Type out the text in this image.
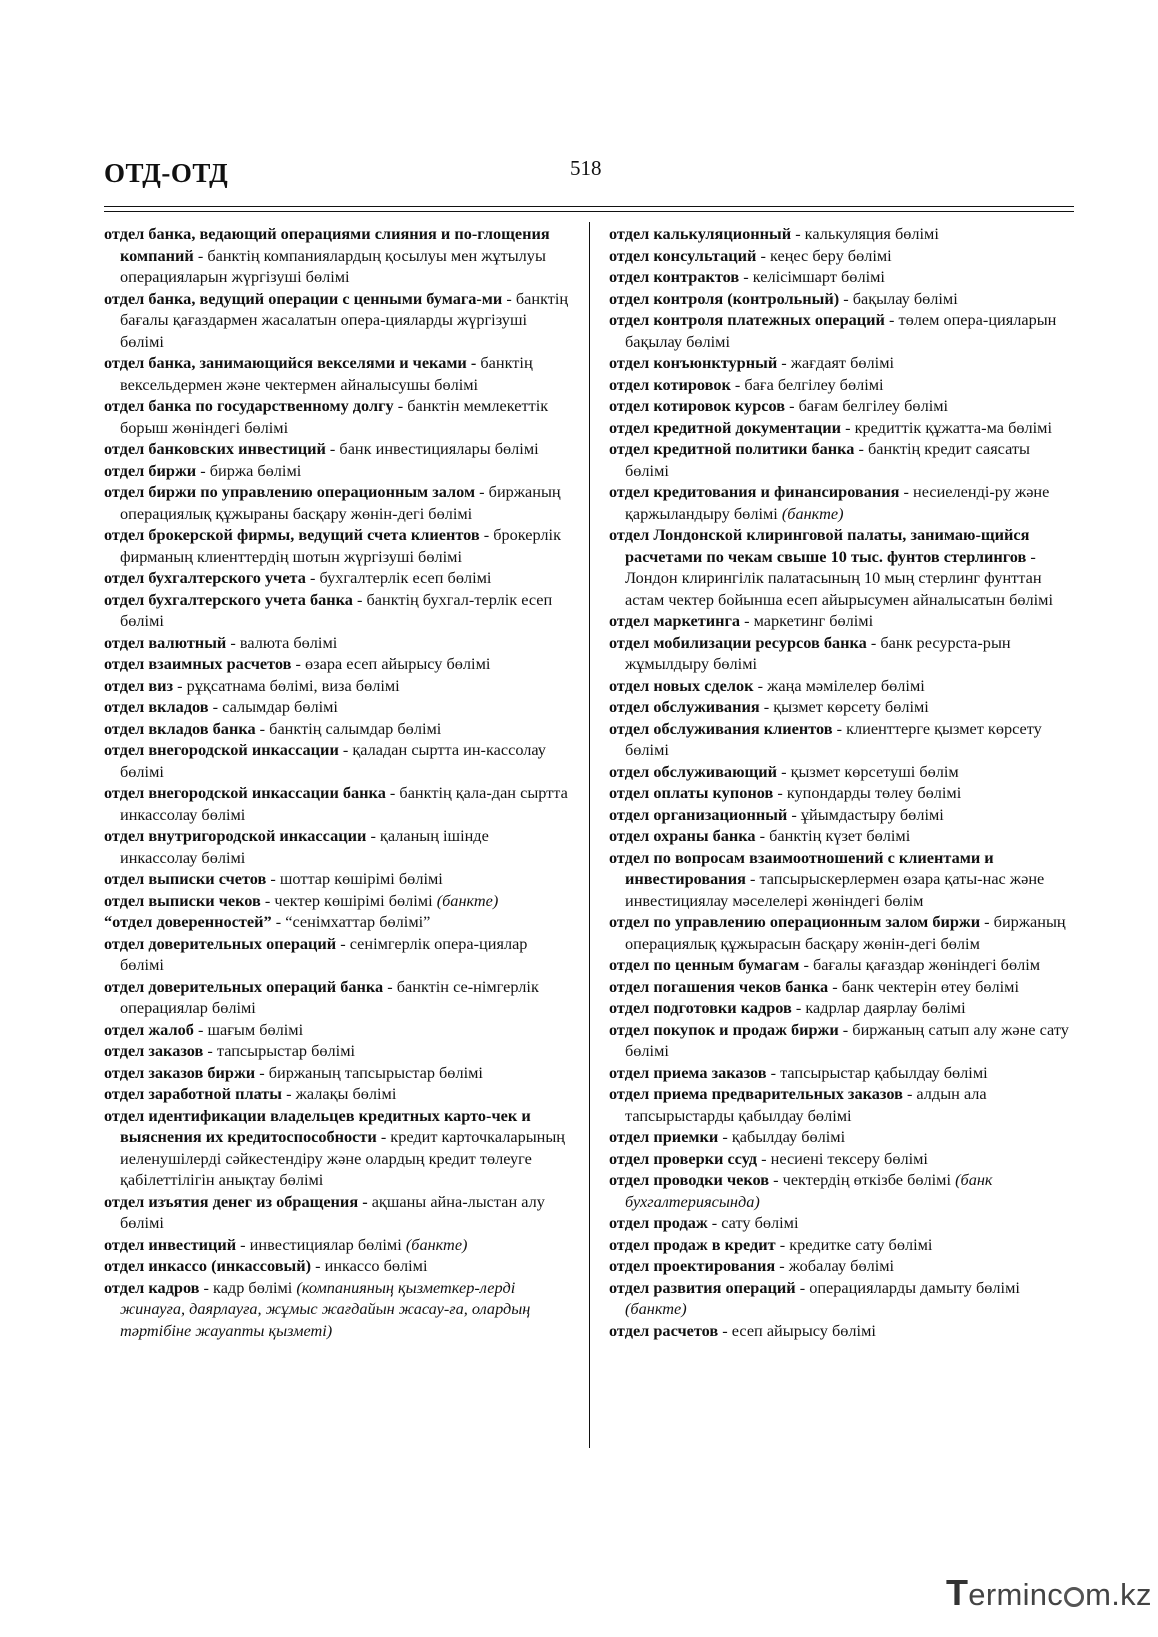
ОТД-ОТД	518

отдел банка, ведающий операциями слияния и по-глощения компаний - банктің компаниялардың қосылуы мен жұтылуы операцияларын жүргізуші бөлімі

отдел банка, ведущий операции с ценными бумага-ми - банктің бағалы қағаздармен жасалатын опера-цияларды жүргізуші бөлімі

отдел банка, занимающийся векселями и чеками - банктің вексельдермен және чектермен айналысушы бөлімі

отдел банка по государственному долгу - банктін мемлекеттік борыш жөніндегі бөлімі

отдел банковских инвестиций - банк инвестициялары бөлімі

отдел биржи - биржа бөлімі

отдел биржи по управлению операционным залом - биржаның операциялық құжыраны басқару жөнін-дегі бөлімі

отдел брокерской фирмы, ведущий счета клиентов - брокерлік фирманың клиенттердің шотын жүргізуші бөлімі

отдел бухгалтерского учета - бухгалтерлік есеп бөлімі

отдел бухгалтерского учета банка - банктің бухгал-терлік есеп бөлімі

отдел валютный - валюта бөлімі

отдел взаимных расчетов - өзара есеп айырысу бөлімі

отдел виз - рұқсатнама бөлімі, виза бөлімі

отдел вкладов - салымдар бөлімі

отдел вкладов банка - банктің салымдар бөлімі

отдел внегородской инкассации - қаладан сыртта ин-кассолау бөлімі

отдел внегородской инкассации банка - банктің қала-дан сыртта инкассолау бөлімі

отдел внутригородской инкассации - қаланың ішінде инкассолау бөлімі

отдел выписки счетов - шоттар көшірімі бөлімі

отдел выписки чеков - чектер көшірімі бөлімі (банкте)

“отдел доверенностей” - “сенімхаттар бөлімі”

отдел доверительных операций - сенімгерлік опера-циялар бөлімі

отдел доверительных операций банка - банктін се-німгерлік операциялар бөлімі

отдел жалоб - шағым бөлімі

отдел заказов - тапсырыстар бөлімі

отдел заказов биржи - биржаның тапсырыстар бөлімі

отдел заработной платы - жалақы бөлімі

отдел идентификации владельцев кредитных карто-чек и выяснения их кредитоспособности - кредит карточкаларының иеленушілерді сәйкестендіру және олардың кредит төлеуге қабілеттілігін анықтау бөлімі

отдел изъятия денег из обращения - ақшаны айна-лыстан алу бөлімі

отдел инвестиций - инвестициялар бөлімі (банкте)

отдел инкассо (инкассовый) - инкассо бөлімі

отдел кадров - кадр бөлімі (компанияның қызметкер-лерді жинауға, даярлауға, жұмыс жағдайын жасау-ға, олардың тәртібіне жауапты қызметі)

отдел калькуляционный - калькуляция бөлімі

отдел консультаций - кеңес беру бөлімі

отдел контрактов - келісімшарт бөлімі

отдел контроля (контрольный) - бақылау бөлімі

отдел контроля платежных операций - төлем опера-цияларын бақылау бөлімі

отдел конъюнктурный - жағдаят бөлімі

отдел котировок - баға белгілеу бөлімі

отдел котировок курсов - бағам белгілеу бөлімі

отдел кредитной документации - кредиттік құжатта-ма бөлімі

отдел кредитной политики банка - банктің кредит саясаты бөлімі

отдел кредитования и финансирования - несиелендi-ру және қаржыландыру бөлімі (банкте)

отдел Лондонской клиринговой палаты, занимаю-щийся расчетами по чекам свыше 10 тыс. фунтов стерлингов - Лондон клирингілік палатасының 10 мың стерлинг фунттан астам чектер бойынша есеп айырысумен айналысатын бөлімі

отдел маркетинга - маркетинг бөлімі

отдел мобилизации ресурсов банка - банк ресурста-рын жұмылдыру бөлімі

отдел новых сделок - жаңа мәмілелер бөлімі

отдел обслуживания - қызмет көрсету бөлімі

отдел обслуживания клиентов - клиенттерге қызмет көрсету бөлімі

отдел обслуживающий - қызмет көрсетуші бөлім

отдел оплаты купонов - купондарды төлеу бөлімі

отдел организационный - ұйымдастыру бөлімі

отдел охраны банка - банктің күзет бөлімі

отдел по вопросам взаимоотношений с клиентами и инвестирования - тапсырыскерлермен өзара қаты-нас және инвестициялау мәселелері жөніндегі бөлім

отдел по управлению операционным залом биржи - биржаның операциялық құжырасын басқару жөнін-дегі бөлім

отдел по ценным бумагам - бағалы қағаздар жөніндегі бөлім

отдел погашения чеков банка - банк чектерін өтеу бөлімі

отдел подготовки кадров - кадрлар даярлау бөлімі

отдел покупок и продаж биржи - биржаның сатып алу және сату бөлімі

отдел приема заказов - тапсырыстар қабылдау бөлімі

отдел приема предварительных заказов - алдын ала тапсырыстарды қабылдау бөлімі

отдел приемки - қабылдау бөлімі

отдел проверки ссуд - несиені тексеру бөлімі

отдел проводки чеков - чектердің өткізбе бөлімі (банк бухгалтериясында)

отдел продаж - сату бөлімі

отдел продаж в кредит - кредитке сату бөлімі

отдел проектирования - жобалау бөлімі

отдел развития операций - операцияларды дамыту бөлімі (банкте)

отдел расчетов - есеп айырысу бөлімі

Terminc m.kz
